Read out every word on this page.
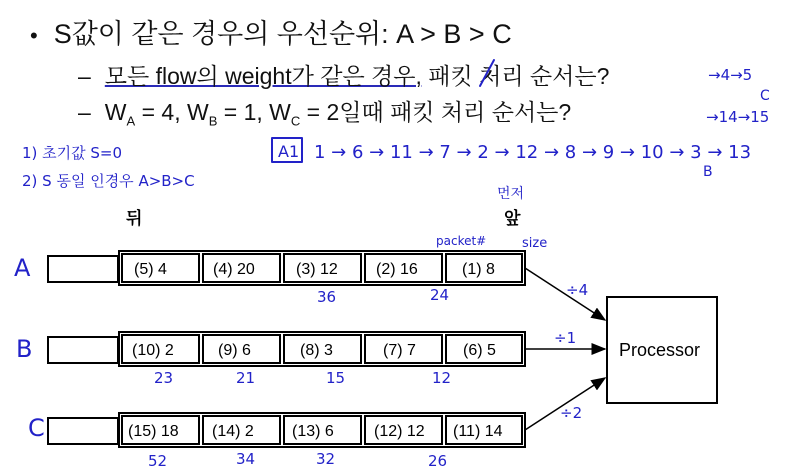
• S값이 같은 경우의 우선순위: A > B > C
– 모든 flow의 weight가 같은 경우, 패킷 처리 순서는?
– $W_A = 4$, $W_B = 1$, $W_C = 2$일때 패킷 처리 순서는?
→4→5
C
→14→15
1) 초기값 S=0
2) S 동일 인경우 A>B>C
A1 1 → 6 → 11 → 7 → 2 → 12 → 8 → 9 → 10 → 3 → 13
B
뒤	앞
먼저
packet#	size
A	(5) 4	(4) 20	(3) 12 (2) 16	(1) 8
36	24
B	(10) 2	(9) 6	(8) 3	(7) 7	(6) 5
23	21	15	12
C	(15) 18 (14) 2 (13) 6	(12) 12 (11) 14
52	34	32	26
Processor
÷4
÷1
÷2
